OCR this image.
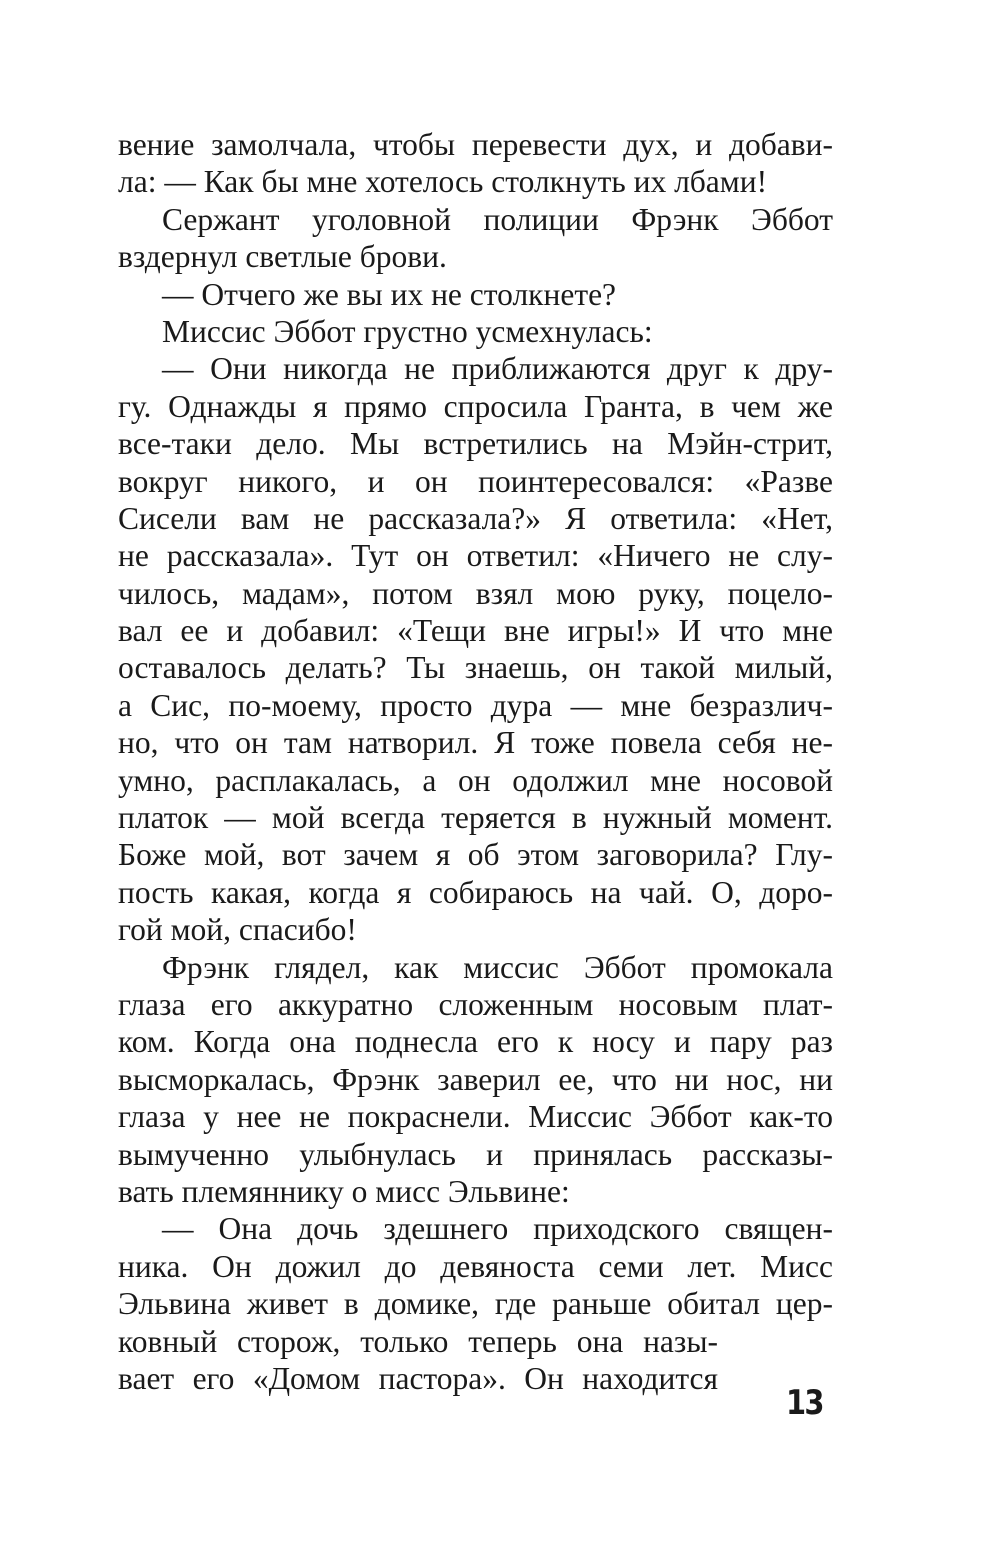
вение замолчала, чтобы перевести дух, и добави-
ла: — Как бы мне хотелось столкнуть их лбами!
Сержант уголовной полиции Фрэнк Эббот
вздернул светлые брови.
— Отчего же вы их не столкнете?
Миссис Эббот грустно усмехнулась:
— Они никогда не приближаются друг к дру-
гу. Однажды я прямо спросила Гранта, в чем же
все-таки дело. Мы встретились на Мэйн-стрит,
вокруг никого, и он поинтересовался: «Разве
Сисели вам не рассказала?» Я ответила: «Нет,
не рассказала». Тут он ответил: «Ничего не слу-
чилось, мадам», потом взял мою руку, поцело-
вал ее и добавил: «Тещи вне игры!» И что мне
оставалось делать? Ты знаешь, он такой милый,
а Сис, по-моему, просто дура — мне безразлич-
но, что он там натворил. Я тоже повела себя не-
умно, расплакалась, а он одолжил мне носовой
платок — мой всегда теряется в нужный момент.
Боже мой, вот зачем я об этом заговорила? Глу-
пость какая, когда я собираюсь на чай. О, доро-
гой мой, спасибо!
Фрэнк глядел, как миссис Эббот промокала
глаза его аккуратно сложенным носовым плат-
ком. Когда она поднесла его к носу и пару раз
высморкалась, Фрэнк заверил ее, что ни нос, ни
глаза у нее не покраснели. Миссис Эббот как-то
вымученно улыбнулась и принялась рассказы-
вать племяннику о мисс Эльвине:
— Она дочь здешнего приходского священ-
ника. Он дожил до девяноста семи лет. Мисс
Эльвина живет в домике, где раньше обитал цер-
ковный сторож, только теперь она назы-
вает его «Домом пастора». Он находится
13
